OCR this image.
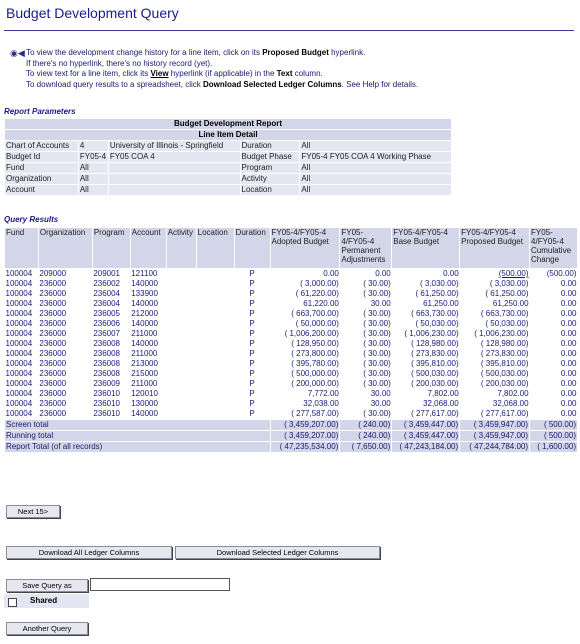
Budget Development Query
◉◀ To view the development change history for a line item, click on its Proposed Budget hyperlink.
If there's no hyperlink, there's no history record (yet).
To view text for a line item, click its View hyperlink (if applicable) in the Text column.
To download query results to a spreadsheet, click Download Selected Ledger Columns. See Help for details.
Report Parameters
Budget Development Report				
Line Item Detail				
Chart of Accounts	4	University of Illinois - Springfield	Duration	All
Budget Id	FY05-4	FY05 COA 4	Budget Phase	FY05-4 FY05 COA 4 Working Phase
Fund	All		Program	All
Organization	All		Activity	All
Account	All		Location	All
Query Results
Fund	Organization	Program	Account	Activity	Location	Duration	FY05-4/FY05-4 Adopted Budget	FY05-4/FY05-4 Permanent Adjustments	FY05-4/FY05-4 Base Budget	FY05-4/FY05-4 Proposed Budget	FY05-4/FY05-4 Cumulative Change
100004	209000	209001	121100			P	0.00	0.00	0.00	(500.00)	(500.00)
100004	236000	236002	140000			P	( 3,000.00)	( 30.00)	( 3,030.00)	( 3,030.00)	0.00
100004	236000	236004	133900			P	( 61,220.00)	( 30.00)	( 61,250.00)	( 61,250.00)	0.00
100004	236000	236004	140000			P	61,220.00	30.00	61,250.00	61,250.00	0.00
100004	236000	236005	212000			P	( 663,700.00)	( 30.00)	( 663,730.00)	( 663,730.00)	0.00
100004	236000	236006	140000			P	( 50,000.00)	( 30.00)	( 50,030.00)	( 50,030.00)	0.00
100004	236000	236007	211000			P	( 1,006,200.00)	( 30.00)	( 1,006,230.00)	( 1,006,230.00)	0.00
100004	236000	236008	140000			P	( 128,950.00)	( 30.00)	( 128,980.00)	( 128,980.00)	0.00
100004	236000	236008	211000			P	( 273,800.00)	( 30.00)	( 273,830.00)	( 273,830.00)	0.00
100004	236000	236008	213000			P	( 395,780.00)	( 30.00)	( 395,810.00)	( 395,810.00)	0.00
100004	236000	236008	215000			P	( 500,000.00)	( 30.00)	( 500,030.00)	( 500,030.00)	0.00
100004	236000	236009	211000			P	( 200,000.00)	( 30.00)	( 200,030.00)	( 200,030.00)	0.00
100004	236000	236010	120010			P	7,772.00	30.00	7,802.00	7,802.00	0.00
100004	236000	236010	130000			P	32,038.00	30.00	32,068.00	32,068.00	0.00
100004	236000	236010	140000			P	( 277,587.00)	( 30.00)	( 277,617.00)	( 277,617.00)	0.00
Screen total							( 3,459,207.00)	( 240.00)	( 3,459,447.00)	( 3,459,947.00)	( 500.00)
Running total							( 3,459,207.00)	( 240.00)	( 3,459,447.00)	( 3,459,947.00)	( 500.00)
Report Total (of all records)							( 47,235,534.00)	( 7,650.00)	( 47,243,184.00)	( 47,244,784.00)	( 1,600.00)
Next 15>
Download All Ledger Columns	Download Selected Ledger Columns
Save Query as
Shared
Another Query
